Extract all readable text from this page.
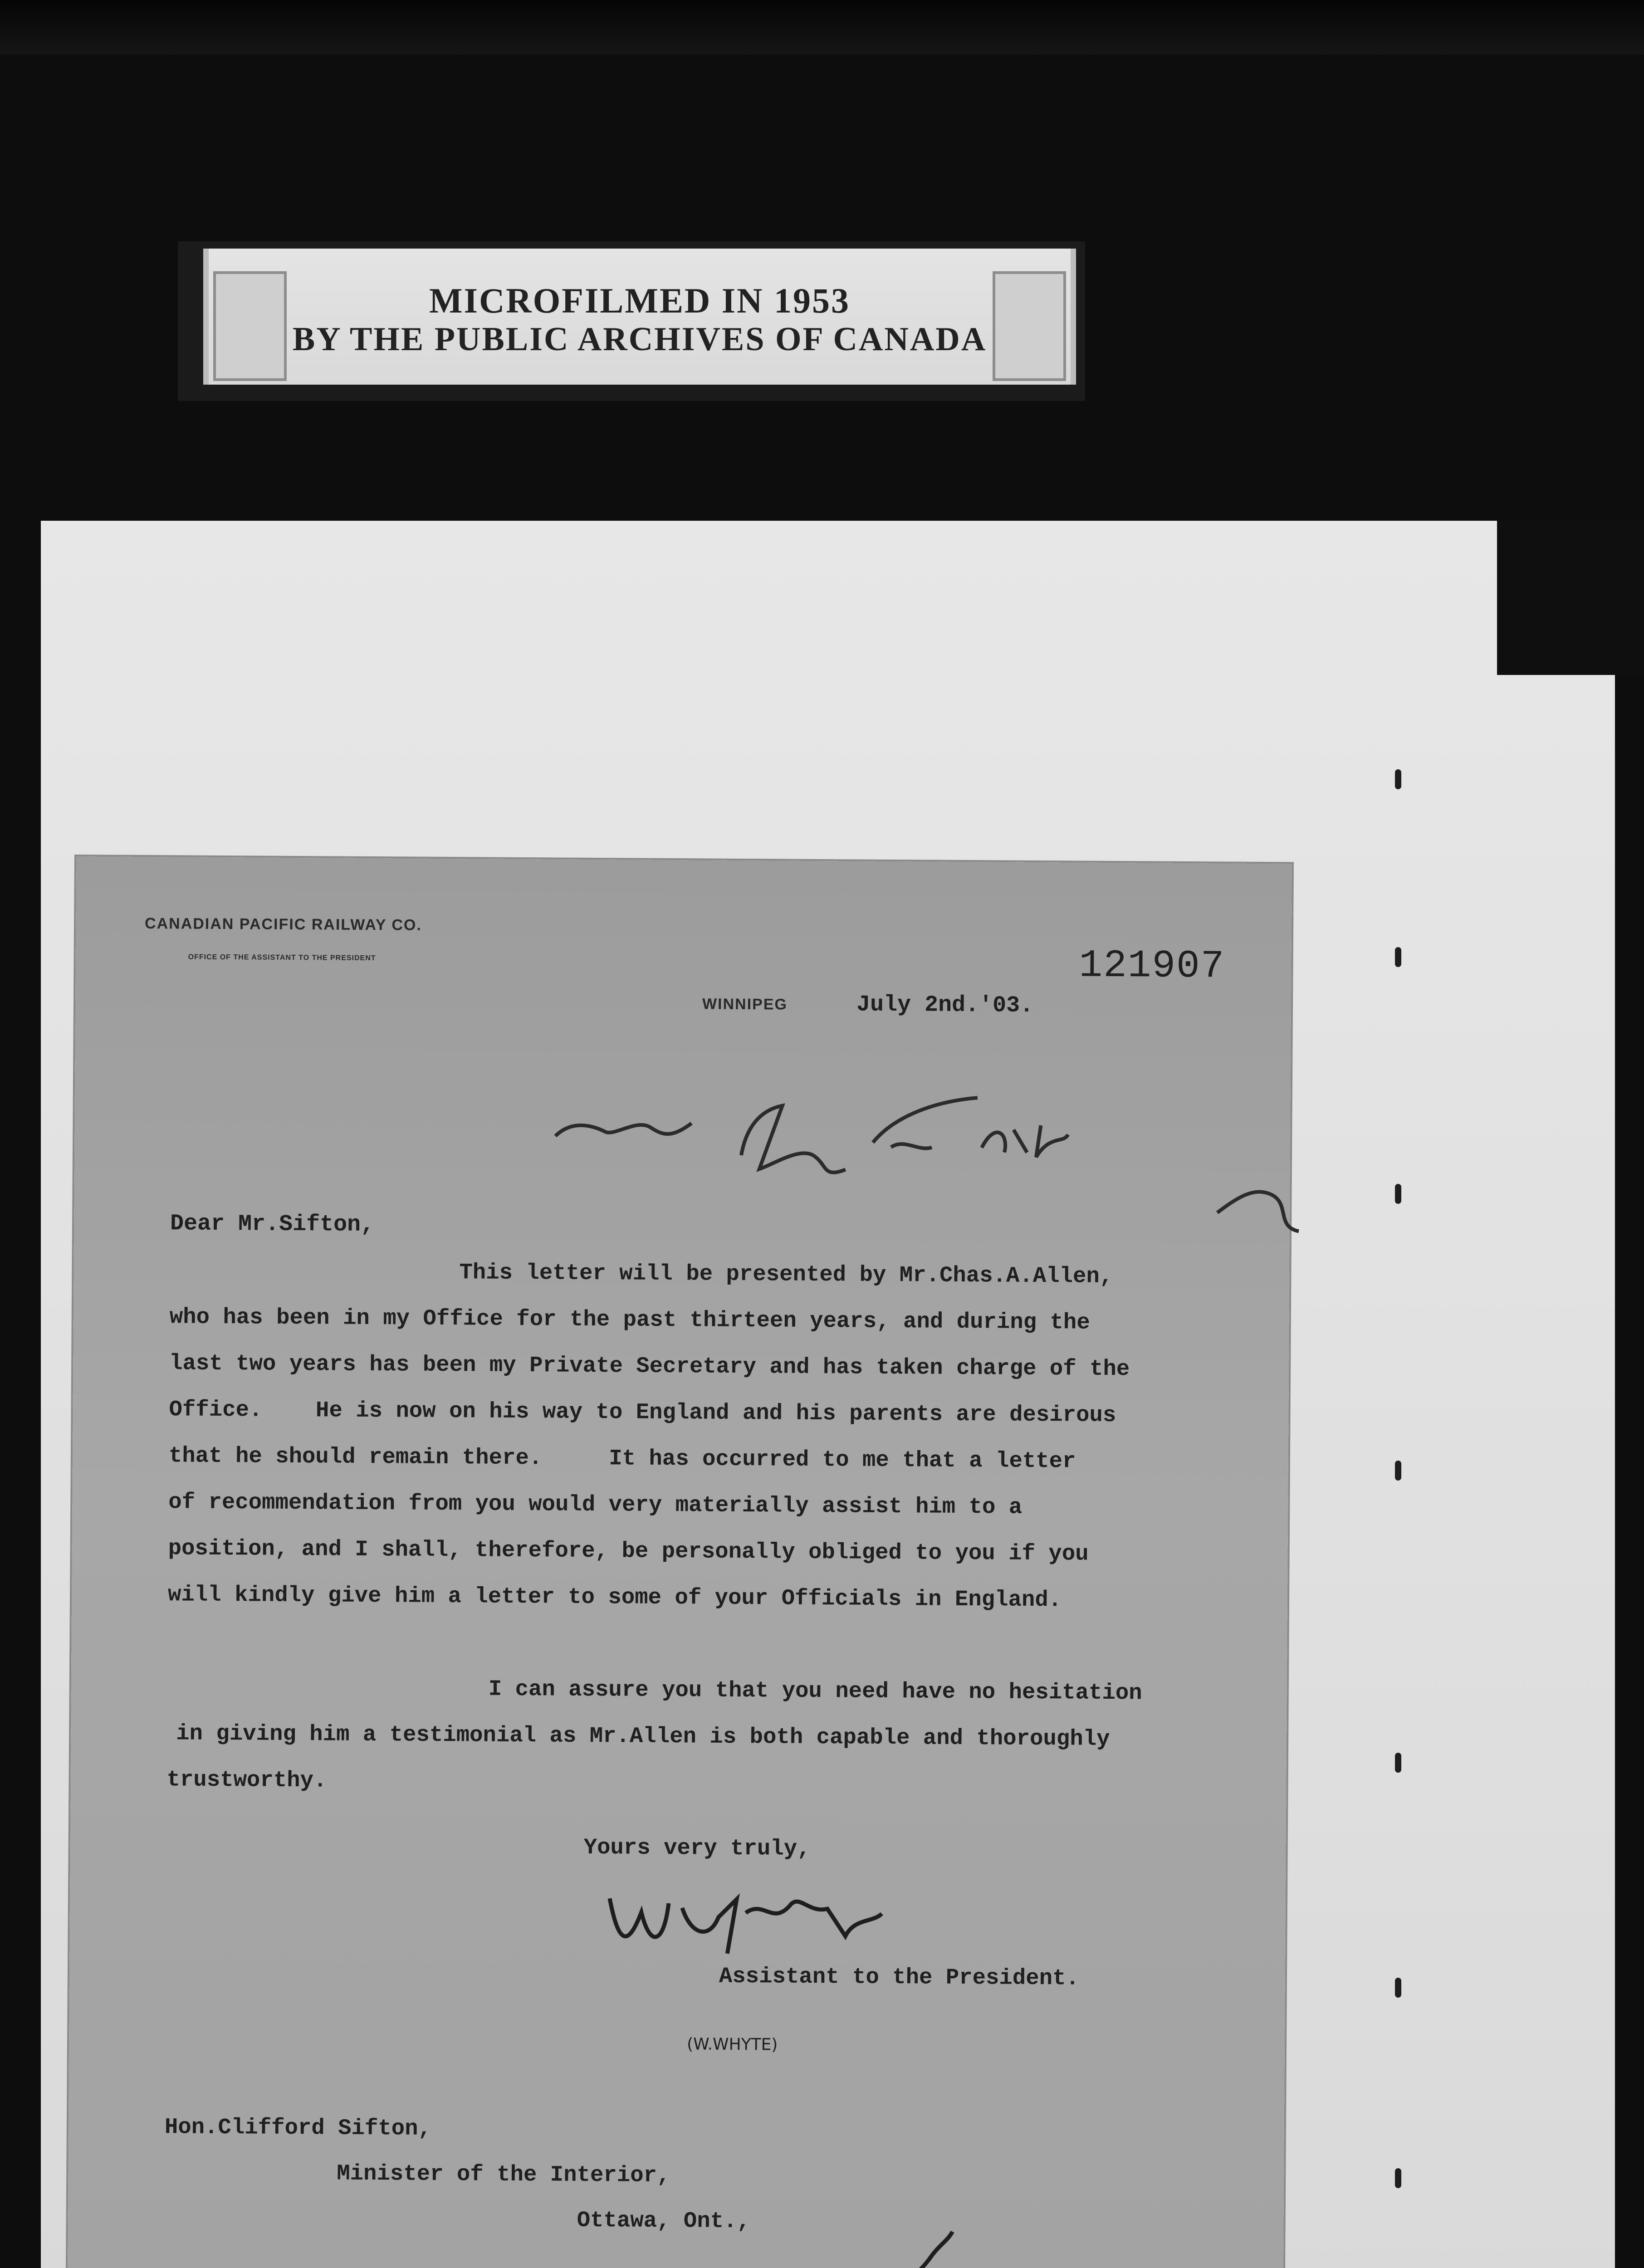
MICROFILMED IN 1953
BY THE PUBLIC ARCHIVES OF CANADA
CANADIAN PACIFIC RAILWAY CO.
OFFICE OF THE ASSISTANT TO THE PRESIDENT	121907
WINNIPEG	July 2nd.'03.
Dear Mr.Sifton,
This letter will be presented by Mr.Chas.A.Allen,
who has been in my Office for the past thirteen years, and during the
last two years has been my Private Secretary and has taken charge of the
Office.    He is now on his way to England and his parents are desirous
that he should remain there.     It has occurred to me that a letter
of recommendation from you would very materially assist him to a
position, and I shall, therefore, be personally obliged to you if you
will kindly give him a letter to some of your Officials in England.
I can assure you that you need have no hesitation
in giving him a testimonial as Mr.Allen is both capable and thoroughly
trustworthy.
Yours very truly,
Assistant to the President.
(W.WHYTE)
Hon.Clifford Sifton,
Minister of the Interior,
Ottawa, Ont.,
